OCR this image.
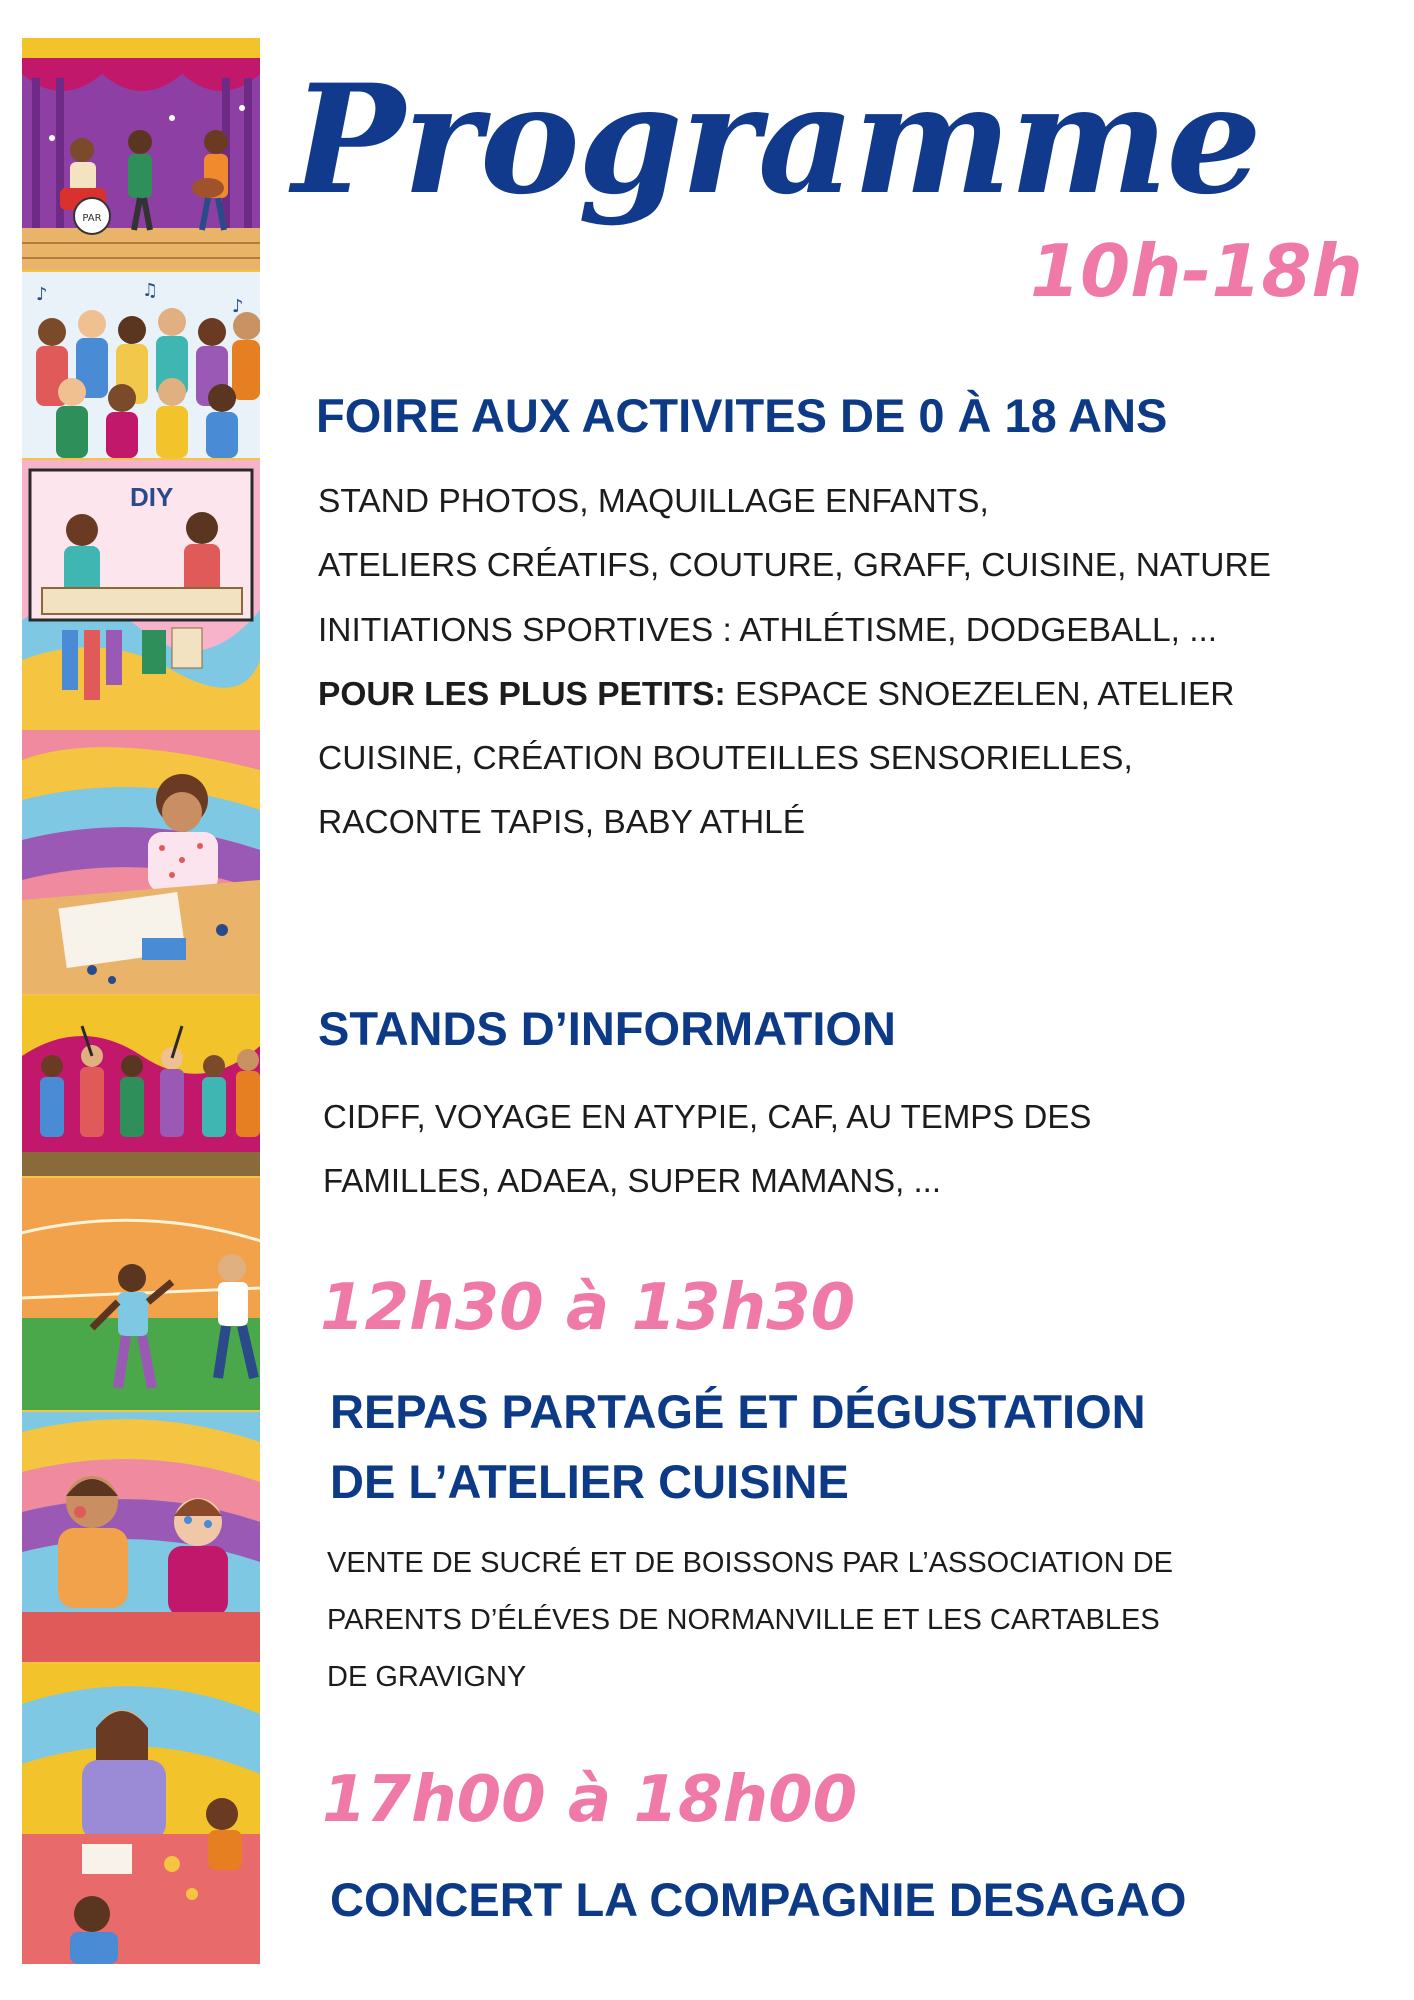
PAR
♪	♫
♪
DIY
Programme
10h-18h
FOIRE AUX ACTIVITES DE 0 À 18 ANS
STAND PHOTOS, MAQUILLAGE ENFANTS,
ATELIERS CRÉATIFS, COUTURE, GRAFF, CUISINE, NATURE
INITIATIONS SPORTIVES : ATHLÉTISME, DODGEBALL, ...
POUR LES PLUS PETITS: ESPACE SNOEZELEN, ATELIER
CUISINE, CRÉATION BOUTEILLES SENSORIELLES,
RACONTE TAPIS, BABY ATHLÉ
STANDS D’INFORMATION
CIDFF, VOYAGE EN ATYPIE, CAF, AU TEMPS DES
FAMILLES, ADAEA, SUPER MAMANS, ...
12h30 à 13h30
REPAS PARTAGÉ ET DÉGUSTATION
DE L’ATELIER CUISINE
VENTE DE SUCRÉ ET DE BOISSONS PAR L’ASSOCIATION DE
PARENTS D’ÉLÉVES DE NORMANVILLE ET LES CARTABLES
DE GRAVIGNY
17h00 à 18h00
CONCERT LA COMPAGNIE DESAGAO
